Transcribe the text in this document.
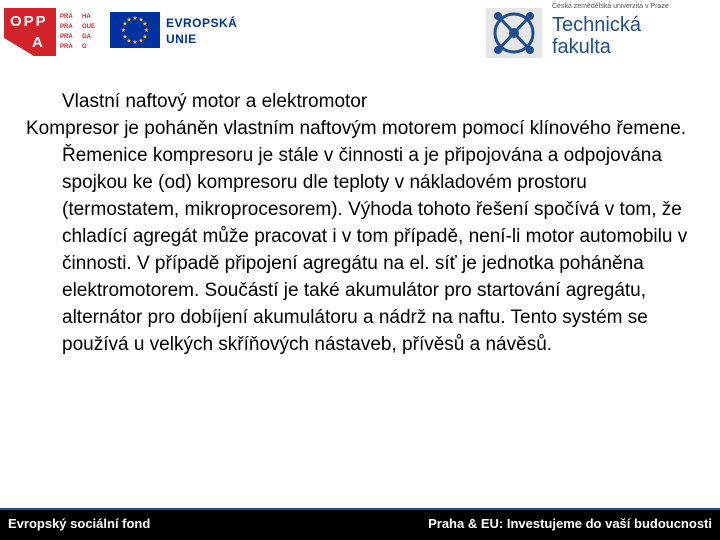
OPP
A
PRA	HA
PRA	GUE
PRA	GA
PRA	G
★ ★
★
★
★
★
★
★
★
★
★
★	EVROPSKÁ
UNIE
Česká zemědělská univerzita v Praze
Technická
fakulta

Vlastní naftový motor a elektromotor

Kompresor je poháněn vlastním naftovým motorem pomocí klínového řemene. Řemenice kompresoru je stále v činnosti a je připojována a odpojována spojkou ke (od) kompresoru dle teploty v nákladovém prostoru (termostatem, mikroprocesorem). Výhoda tohoto řešení spočívá v tom, že chladící agregát může pracovat i v tom případě, není-li motor automobilu v činnosti. V případě připojení agregátu na el. síť je jednotka poháněna elektromotorem. Součástí je také akumulátor pro startování agregátu, alternátor pro dobíjení akumulátoru a nádrž na naftu. Tento systém se používá u velkých skříňových nástaveb, přívěsů a návěsů.

Evropský sociální fond	Praha & EU: Investujeme do vaší budoucnosti
